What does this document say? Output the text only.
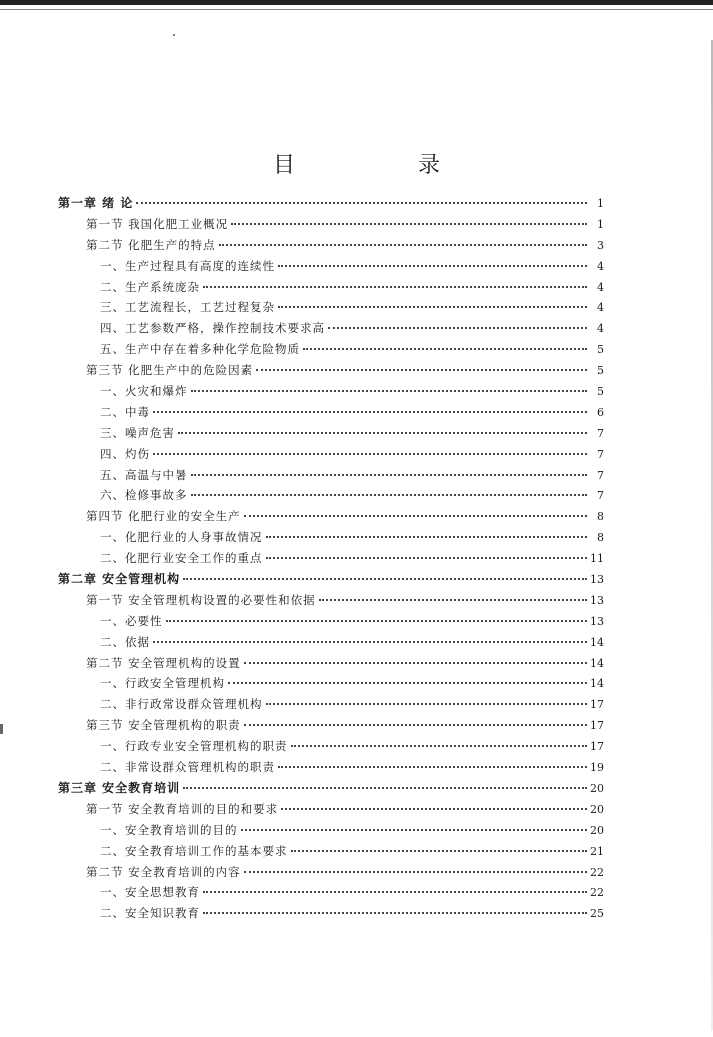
目 录
第一章 绪 论	1
第一节 我国化肥工业概况	1
第二节 化肥生产的特点	3
一、生产过程具有高度的连续性	4
二、生产系统庞杂	4
三、工艺流程长，工艺过程复杂	4
四、工艺参数严格，操作控制技术要求高	4
五、生产中存在着多种化学危险物质	5
第三节 化肥生产中的危险因素	5
一、火灾和爆炸	5
二、中毒	6
三、噪声危害	7
四、灼伤	7
五、高温与中暑	7
六、检修事故多	7
第四节 化肥行业的安全生产	8
一、化肥行业的人身事故情况	8
二、化肥行业安全工作的重点	11
第二章 安全管理机构	13
第一节 安全管理机构设置的必要性和依据	13
一、必要性	13
二、依据	14
第二节 安全管理机构的设置	14
一、行政安全管理机构	14
二、非行政常设群众管理机构	17
第三节 安全管理机构的职责	17
一、行政专业安全管理机构的职责	17
二、非常设群众管理机构的职责	19
第三章 安全教育培训	20
第一节 安全教育培训的目的和要求	20
一、安全教育培训的目的	20
二、安全教育培训工作的基本要求	21
第二节 安全教育培训的内容	22
一、安全思想教育	22
二、安全知识教育	25
